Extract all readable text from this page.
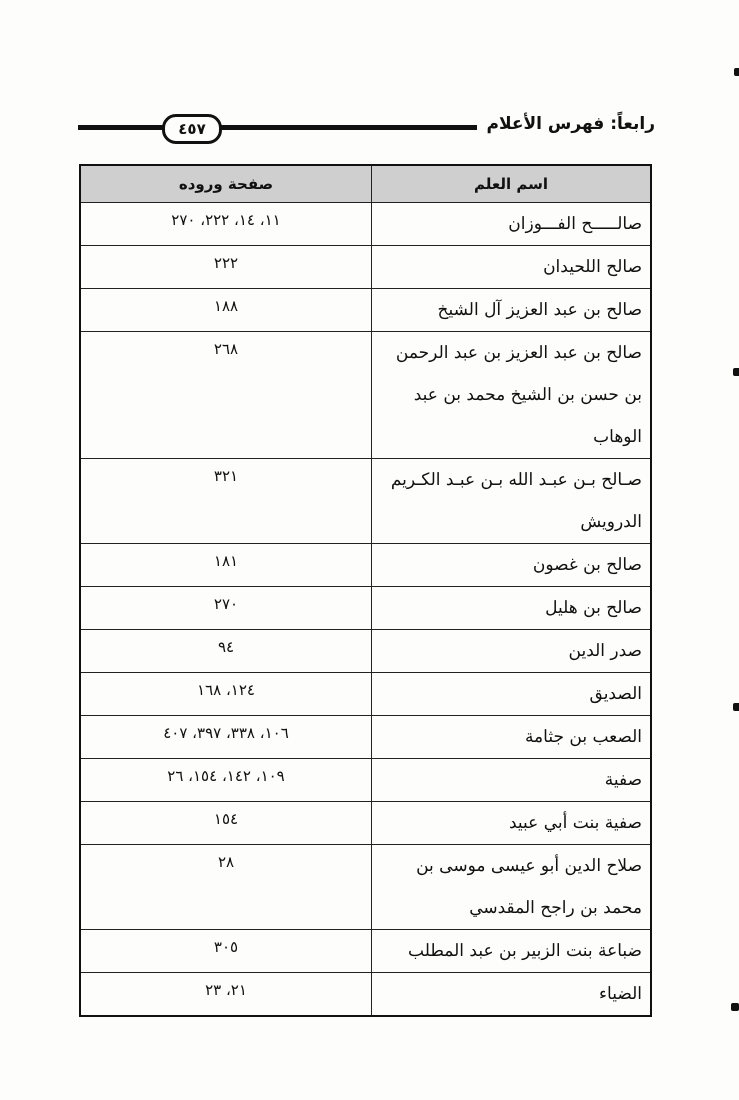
٤٥٧	رابعاً: فهرس الأعلام
اسم العلم	صفحة وروده
صالـــــح الفـــوزان	١١، ١٤، ٢٢٢، ٢٧٠
صالح اللحيدان	٢٢٢
صالح بن عبد العزيز آل الشيخ	١٨٨
صالح بن عبد العزيز بن عبد الرحمن بن حسن بن الشيخ محمد بن عبد الوهاب	٢٦٨
صـالح بـن عبـد الله بـن عبـد الكـريم الدرويش	٣٢١
صالح بن غصون	١٨١
صالح بن هليل	٢٧٠
صدر الدين	٩٤
الصديق	١٢٤، ١٦٨
الصعب بن جثامة	١٠٦، ٣٣٨، ٣٩٧، ٤٠٧
صفية	١٠٩، ١٤٢، ١٥٤، ٢٦
صفية بنت أبي عبيد	١٥٤
صلاح الدين أبو عيسى موسى بن محمد بن راجح المقدسي	٢٨
ضباعة بنت الزبير بن عبد المطلب	٣٠٥
الضياء	٢١، ٢٣
